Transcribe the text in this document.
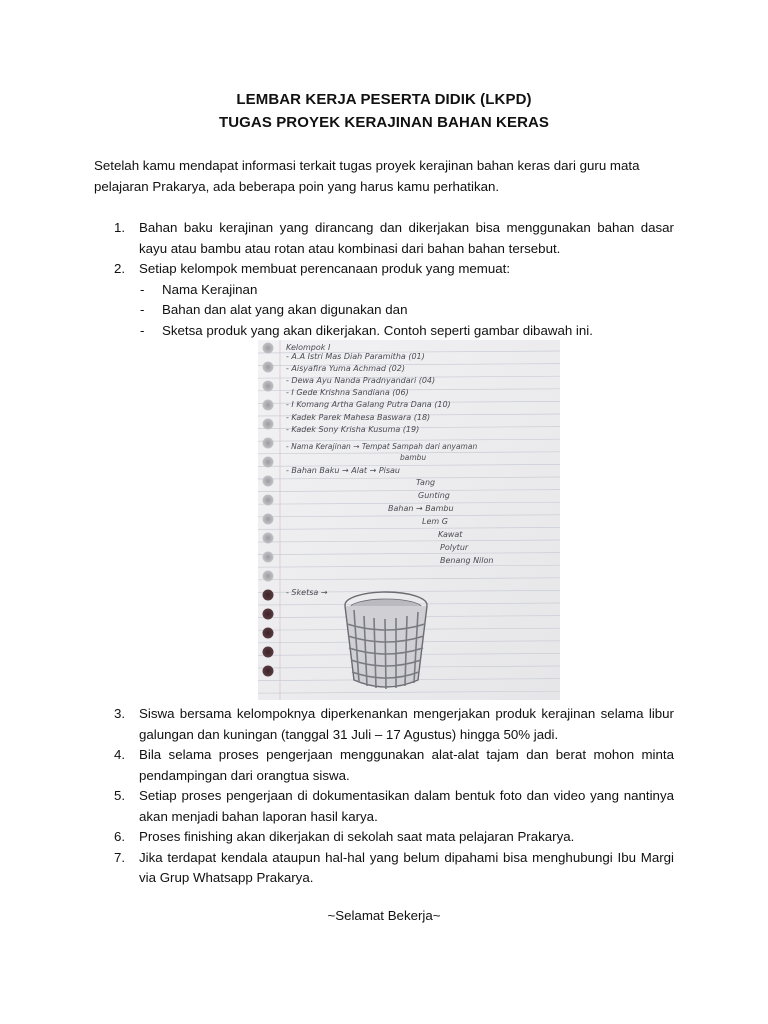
LEMBAR KERJA PESERTA DIDIK (LKPD)
TUGAS PROYEK KERAJINAN BAHAN KERAS
Setelah kamu mendapat informasi terkait tugas proyek kerajinan bahan keras dari guru mata pelajaran Prakarya, ada beberapa poin yang harus kamu perhatikan.
1. Bahan baku kerajinan yang dirancang dan dikerjakan bisa menggunakan bahan dasar kayu atau bambu atau rotan atau kombinasi dari bahan bahan tersebut.
2. Setiap kelompok membuat perencanaan produk yang memuat:
- Nama Kerajinan
- Bahan dan alat yang akan digunakan dan
- Sketsa produk yang akan dikerjakan. Contoh seperti gambar dibawah ini.
Kelompok I
- A.A Istri Mas Diah Paramitha (01)
- Aisyafira Yuma Achmad (02)
- Dewa Ayu Nanda Pradnyandari (04)
- I Gede Krishna Sandiana (06)
- I Komang Artha Galang Putra Dana (10)
- Kadek Parek Mahesa Baswara (18)
- Kadek Sony Krisha Kusuma (19)
- Nama Kerajinan → Tempat Sampah dari anyaman
bambu
- Bahan Baku → Alat → Pisau
Tang
Gunting
Bahan → Bambu
Lem G
Kawat
Polytur
Benang Nilon
- Sketsa →
3. Siswa bersama kelompoknya diperkenankan mengerjakan produk kerajinan selama libur galungan dan kuningan (tanggal 31 Juli – 17 Agustus) hingga 50% jadi.
4. Bila selama proses pengerjaan menggunakan alat-alat tajam dan berat mohon minta pendampingan dari orangtua siswa.
5. Setiap proses pengerjaan di dokumentasikan dalam bentuk foto dan video yang nantinya akan menjadi bahan laporan hasil karya.
6. Proses finishing akan dikerjakan di sekolah saat mata pelajaran Prakarya.
7. Jika terdapat kendala ataupun hal-hal yang belum dipahami bisa menghubungi Ibu Margi via Grup Whatsapp Prakarya.
~Selamat Bekerja~
